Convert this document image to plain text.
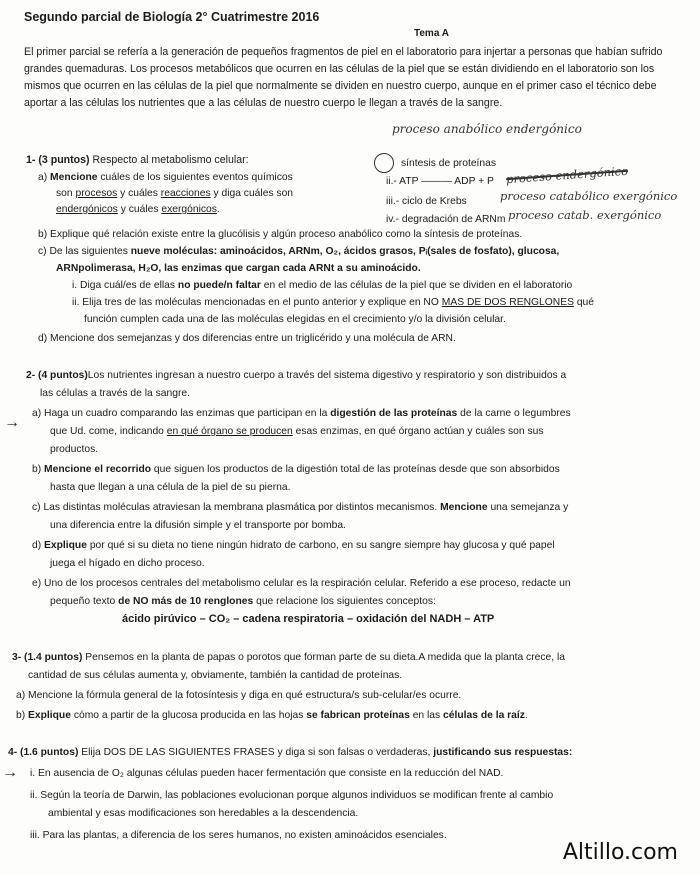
Segundo parcial de Biología 2° Cuatrimestre 2016
Tema A

El primer parcial se refería a la generación de pequeños fragmentos de piel en el laboratorio para injertar a personas que habían sufrido grandes quemaduras. Los procesos metabólicos que ocurren en las células de la piel que se están dividiendo en el laboratorio son los mismos que ocurren en las células de la piel que normalmente se dividen en nuestro cuerpo, aunque en el primer caso el técnico debe aportar a las células los nutrientes que a las células de nuestro cuerpo le llegan a través de la sangre.

1- (3 puntos) Respecto al metabolismo celular:
a) Mencione cuáles de los siguientes eventos químicos
son procesos y cuáles reacciones y diga cuáles son
endergónicos y cuáles exergónicos.
proceso anabólico endergónico
síntesis de proteínas
ii.- ATP ——— ADP + P proceso endergónico
iii.- ciclo de Krebs	proceso catabólico exergónico
iv.- degradación de ARNm proceso catab. exergónico
b) Explique qué relación existe entre la glucólisis y algún proceso anabólico como la síntesis de proteínas.
c) De las siguientes nueve moléculas: aminoácidos, ARNm, O₂, ácidos grasos, Pᵢ(sales de fosfato), glucosa,
ARNpolimerasa, H₂O, las enzimas que cargan cada ARNt a su aminoácido.
i. Diga cuál/es de ellas no puede/n faltar en el medio de las células de la piel que se dividen en el laboratorio
ii. Elija tres de las moléculas mencionadas en el punto anterior y explique en NO MAS DE DOS RENGLONES qué
función cumplen cada una de las moléculas elegidas en el crecimiento y/o la división celular.
d) Mencione dos semejanzas y dos diferencias entre un triglicérido y una molécula de ARN.
2- (4 puntos)Los nutrientes ingresan a nuestro cuerpo a través del sistema digestivo y respiratorio y son distribuidos a
las células a través de la sangre.
→
a) Haga un cuadro comparando las enzimas que participan en la digestión de las proteínas de la carne o legumbres
que Ud. come, indicando en qué órgano se producen esas enzimas, en qué órgano actúan y cuáles son sus
productos.
b) Mencione el recorrido que siguen los productos de la digestión total de las proteínas desde que son absorbidos
hasta que llegan a una célula de la piel de su pierna.
c) Las distintas moléculas atraviesan la membrana plasmática por distintos mecanismos. Mencione una semejanza y
una diferencia entre la difusión simple y el transporte por bomba.
d) Explique por qué si su dieta no tiene ningún hidrato de carbono, en su sangre siempre hay glucosa y qué papel
juega el hígado en dicho proceso.
e) Uno de los procesos centrales del metabolismo celular es la respiración celular. Referido a ese proceso, redacte un
pequeño texto de NO más de 10 renglones que relacione los siguientes conceptos:
ácido pirúvico – CO₂ – cadena respiratoria – oxidación del NADH – ATP
3- (1.4 puntos) Pensemos en la planta de papas o porotos que forman parte de su dieta.A medida que la planta crece, la
cantidad de sus células aumenta y, obviamente, también la cantidad de proteínas.
a) Mencione la fórmula general de la fotosíntesis y diga en qué estructura/s sub-celular/es ocurre.
b) Explique cómo a partir de la glucosa producida en las hojas se fabrican proteínas en las células de la raíz.
4- (1.6 puntos) Elija DOS DE LAS SIGUIENTES FRASES y diga si son falsas o verdaderas, justificando sus respuestas:
→ i. En ausencia de O₂ algunas células pueden hacer fermentación que consiste en la reducción del NAD.
ii. Según la teoría de Darwin, las poblaciones evolucionan porque algunos individuos se modifican frente al cambio
ambiental y esas modificaciones son heredables a la descendencia.
iii. Para las plantas, a diferencia de los seres humanos, no existen aminoácidos esenciales.
Altillo.com
